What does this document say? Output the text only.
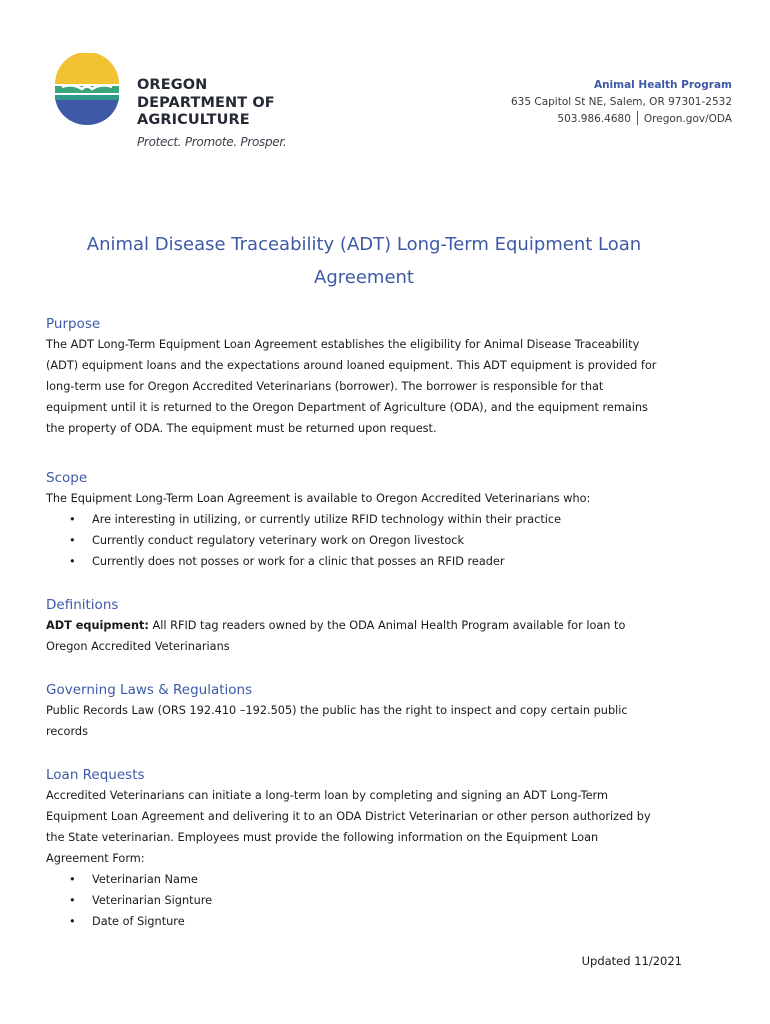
OREGON
DEPARTMENT OF
AGRICULTURE
Protect. Promote. Prosper.
Animal Health Program
635 Capitol St NE, Salem, OR 97301-2532
503.986.4680 Oregon.gov/ODA
Animal Disease Traceability (ADT) Long-Term Equipment Loan
Agreement
Purpose

The ADT Long-Term Equipment Loan Agreement establishes the eligibility for Animal Disease Traceability

(ADT) equipment loans and the expectations around loaned equipment. This ADT equipment is provided for

long-term use for Oregon Accredited Veterinarians (borrower). The borrower is responsible for that

equipment until it is returned to the Oregon Department of Agriculture (ODA), and the equipment remains

the property of ODA. The equipment must be returned upon request.

Scope

The Equipment Long-Term Loan Agreement is available to Oregon Accredited Veterinarians who:

• Are interesting in utilizing, or currently utilize RFID technology within their practice
• Currently conduct regulatory veterinary work on Oregon livestock
• Currently does not posses or work for a clinic that posses an RFID reader
Definitions

ADT equipment: All RFID tag readers owned by the ODA Animal Health Program available for loan to

Oregon Accredited Veterinarians

Governing Laws & Regulations

Public Records Law (ORS 192.410 –192.505) the public has the right to inspect and copy certain public

records

Loan Requests

Accredited Veterinarians can initiate a long-term loan by completing and signing an ADT Long-Term

Equipment Loan Agreement and delivering it to an ODA District Veterinarian or other person authorized by

the State veterinarian. Employees must provide the following information on the Equipment Loan

Agreement Form:

• Veterinarian Name
• Veterinarian Signture
• Date of Signture
Updated 11/2021
